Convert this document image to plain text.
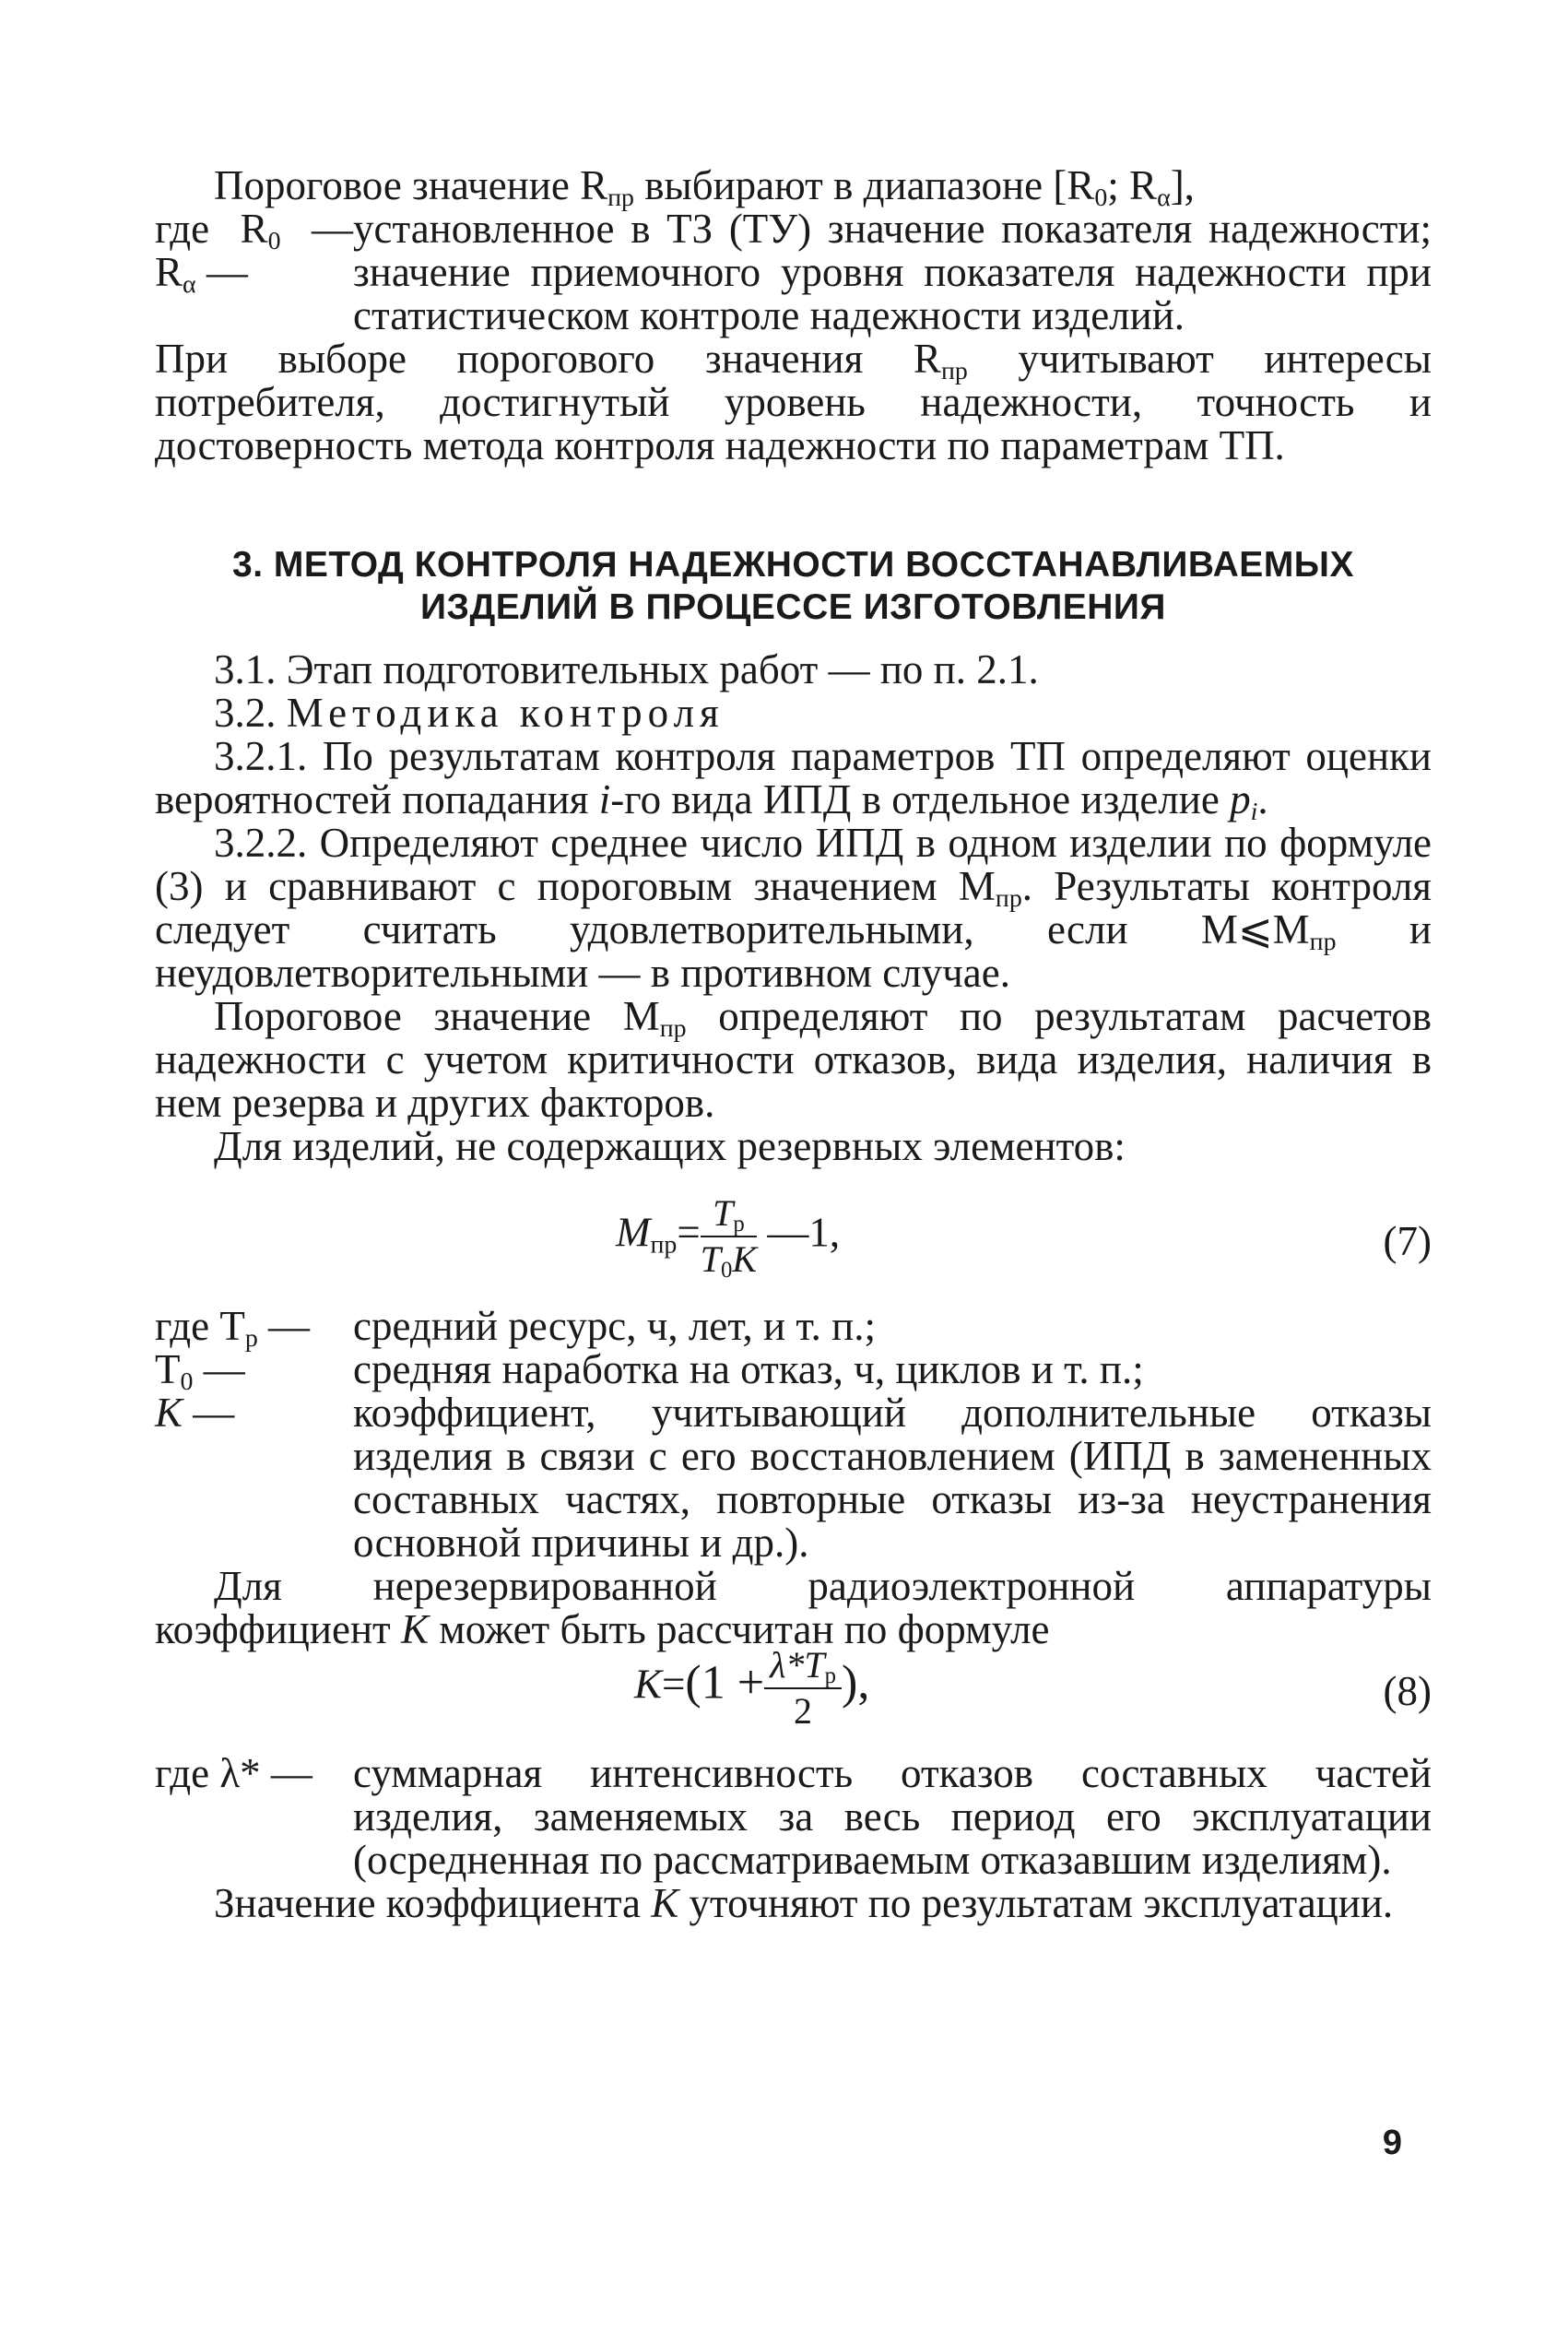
Пороговое значение $R_{пр}$ выбирают в диапазоне [$R_0$; $R_\alpha$],

где $R_0$ — установленное в ТЗ (ТУ) значение показателя надежности;
$R_\alpha$ —	значение приемочного уровня показателя надежности при статистическом контроле надежности изделий.

При выборе порогового значения $R_{пр}$ учитывают интересы потребителя, достигнутый уровень надежности, точность и достоверность метода контроля надежности по параметрам ТП.

3. МЕТОД КОНТРОЛЯ НАДЕЖНОСТИ ВОССТАНАВЛИВАЕМЫХ

ИЗДЕЛИЙ В ПРОЦЕССЕ ИЗГОТОВЛЕНИЯ

3.1. Этап подготовительных работ — по п. 2.1.

3.2. Методика контроля

3.2.1. По результатам контроля параметров ТП определяют оценки вероятностей попадания i-го вида ИПД в отдельное изделие $p_i$.

3.2.2. Определяют среднее число ИПД в одном изделии по формуле (3) и сравнивают с пороговым значением $M_{пр}$. Результаты контроля следует считать удовлетворительными, если $M⩽M_{пр}$ и неудовлетворительными — в противном случае.

Пороговое значение $M_{пр}$ определяют по результатам расчетов надежности с учетом критичности отказов, вида изделия, наличия в нем резерва и других факторов.

Для изделий, не содержащих резервных элементов:

$M_{пр}= \frac{T_р}{T_0K}$ —1,	(7)
где $T_р$ —	средний ресурс, ч, лет, и т. п.;
$T_0$ —	средняя наработка на отказ, ч, циклов и т. п.;
K —	коэффициент, учитывающий дополнительные отказы изделия в связи с его восстановлением (ИПД в замененных составных частях, повторные отказы из-за неустранения основной причины и др.).

Для нерезервированной радиоэлектронной аппаратуры коэффициент K может быть рассчитан по формуле

$K=(1 + \frac{\lambda*T_р}{2}$ ),	(8)
где λ* — суммарная интенсивность отказов составных частей изделия, заменяемых за весь период его эксплуатации (осредненная по рассматриваемым отказавшим изделиям).

Значение коэффициента K уточняют по результатам эксплуатации.

9
